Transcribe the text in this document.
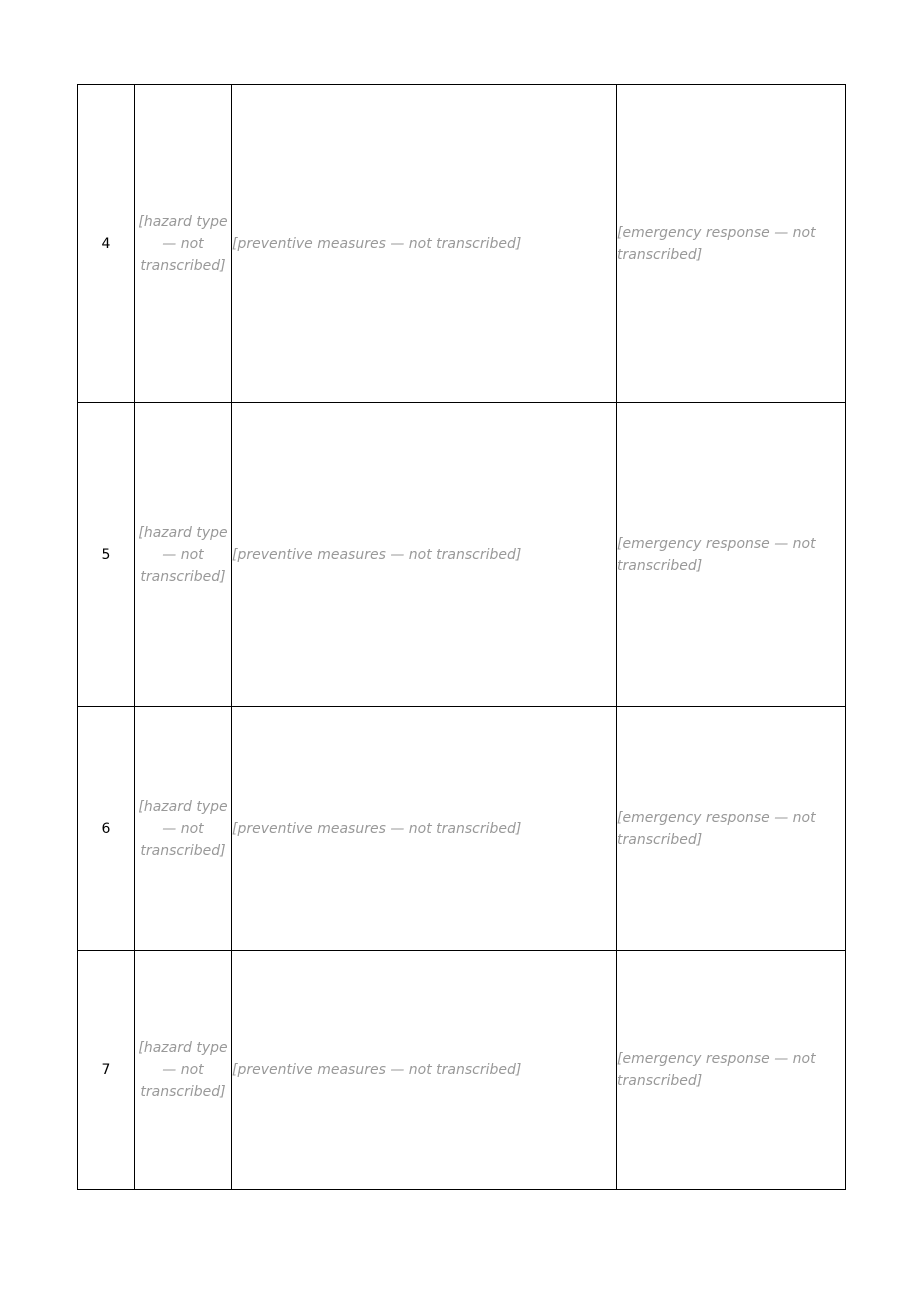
4	[hazard type — not transcribed]	[preventive measures — not transcribed]	[emergency response — not transcribed]

5	[hazard type — not transcribed]	[preventive measures — not transcribed]	[emergency response — not transcribed]

6	[hazard type — not transcribed]	[preventive measures — not transcribed]	[emergency response — not transcribed]

7	[hazard type — not transcribed]	[preventive measures — not transcribed]	[emergency response — not transcribed]
